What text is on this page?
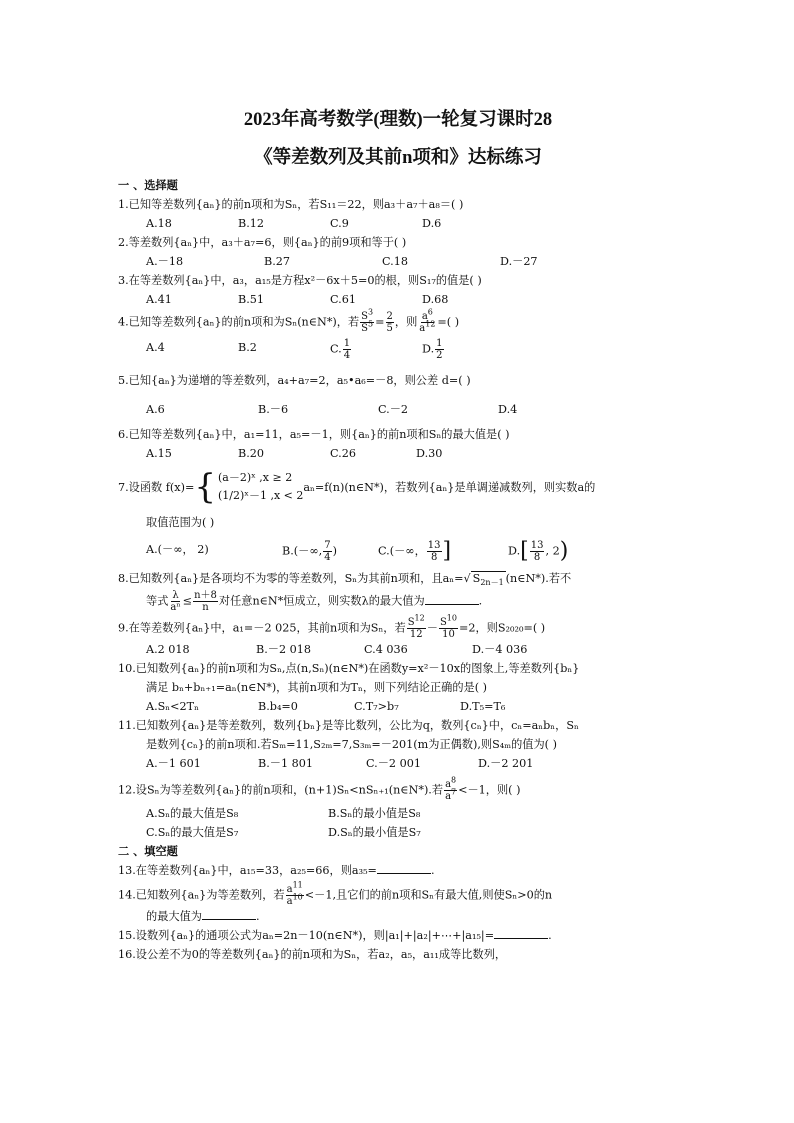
2023年高考数学(理数)一轮复习课时28
《等差数列及其前n项和》达标练习
一 、选择题
1.已知等差数列{aₙ}的前n项和为Sₙ，若S₁₁＝22，则a₃＋a₇＋a₈＝( )
A.18	B.12	C.9	D.6
2.等差数列{aₙ}中，a₃＋a₇=6，则{aₙ}的前9项和等于( )
A.－18	B.27	C.18	D.－27
3.在等差数列{aₙ}中，a₃，a₁₅是方程x²－6x＋5=0的根，则S₁₇的值是( )
A.41	B.51	C.61	D.68
4.已知等差数列{aₙ}的前n项和为Sₙ(n∈N*)，若 $\frac{S^3}{S^5} = \frac{2}{5}$ ，则 $\frac{a^6}{a^{12}}$ =( )
A.4	B.2	C. $\frac{1}{4}$	D. $\frac{1}{2}$
5.已知{aₙ}为递增的等差数列，a₄+a₇=2，a₅•a₆=－8，则公差 d=( )
A.6	B.－6	C.－2	D.4
6.已知等差数列{aₙ}中，a₁=11，a₅=－1，则{aₙ}的前n项和Sₙ的最大值是( )
A.15	B.20	C.26	D.30
7.设函数 f(x)= { (a－2)ˣ ,x ≥ 2
(1/2)ˣ－1 ,x < 2
aₙ=f(n)(n∈N*)，若数列{aₙ}是单调递减数列，则实数a的
取值范围为( )
A.(－∞， 2)	B.(－∞, $\frac{7}{4}$ )	C.(－∞， $\frac{13}{8}$ ]	$D.[ \frac{13}{8}$ , 2)
8.已知数列{aₙ}是各项均不为零的等差数列，Sₙ为其前n项和，且aₙ=√ $S_{2n-1}$ (n∈N*).若不
等式 $\frac{\lambda}{\text{aⁿ}} \le \frac{n+8}{n}$ 对任意n∈N*恒成立，则实数λ的最大值为	.
9.在等差数列{aₙ}中，a₁=－2 025，其前n项和为Sₙ，若 $\frac{S^{12}}{12} - \frac{S^{10}}{10} =2$，则S₂₀₂₀=( )
A.2 018	B.－2 018	C.4 036	D.－4 036
10.已知数列{aₙ}的前n项和为Sₙ,点(n,Sₙ)(n∈N*)在函数y=x²－10x的图象上,等差数列{bₙ}
满足 bₙ+bₙ₊₁=aₙ(n∈N*)，其前n项和为Tₙ，则下列结论正确的是( )
A.Sₙ<2Tₙ	B.b₄=0	C.T₇>b₇	D.T₅=T₆
11.已知数列{aₙ}是等差数列，数列{bₙ}是等比数列，公比为q，数列{cₙ}中，cₙ=aₙbₙ，Sₙ
是数列{cₙ}的前n项和.若Sₘ=11,S₂ₘ=7,S₃ₘ=－201(m为正偶数),则S₄ₘ的值为( )
A.－1 601	B.－1 801	C.－2 001	D.－2 201
12.设Sₙ为等差数列{aₙ}的前n项和，(n+1)Sₙ<nSₙ₊₁(n∈N*).若 $\frac{a^8}{a^7} <-1$，则( )
A.Sₙ的最大值是S₈	B.Sₙ的最小值是S₈
C.Sₙ的最大值是S₇	D.Sₙ的最小值是S₇
二 、填空题
13.在等差数列{aₙ}中，a₁₅=33，a₂₅=66，则a₃₅=	.
14.已知数列{aₙ}为等差数列，若 $\frac{a^{11}}{a^{10}} <-1$,且它们的前n项和Sₙ有最大值,则使Sₙ>0的n
的最大值为	.
15.设数列{aₙ}的通项公式为aₙ=2n－10(n∈N*)，则|a₁|+|a₂|+⋯+|a₁₅|=	.
16.设公差不为0的等差数列{aₙ}的前n项和为Sₙ，若a₂，a₅，a₁₁成等比数列，
